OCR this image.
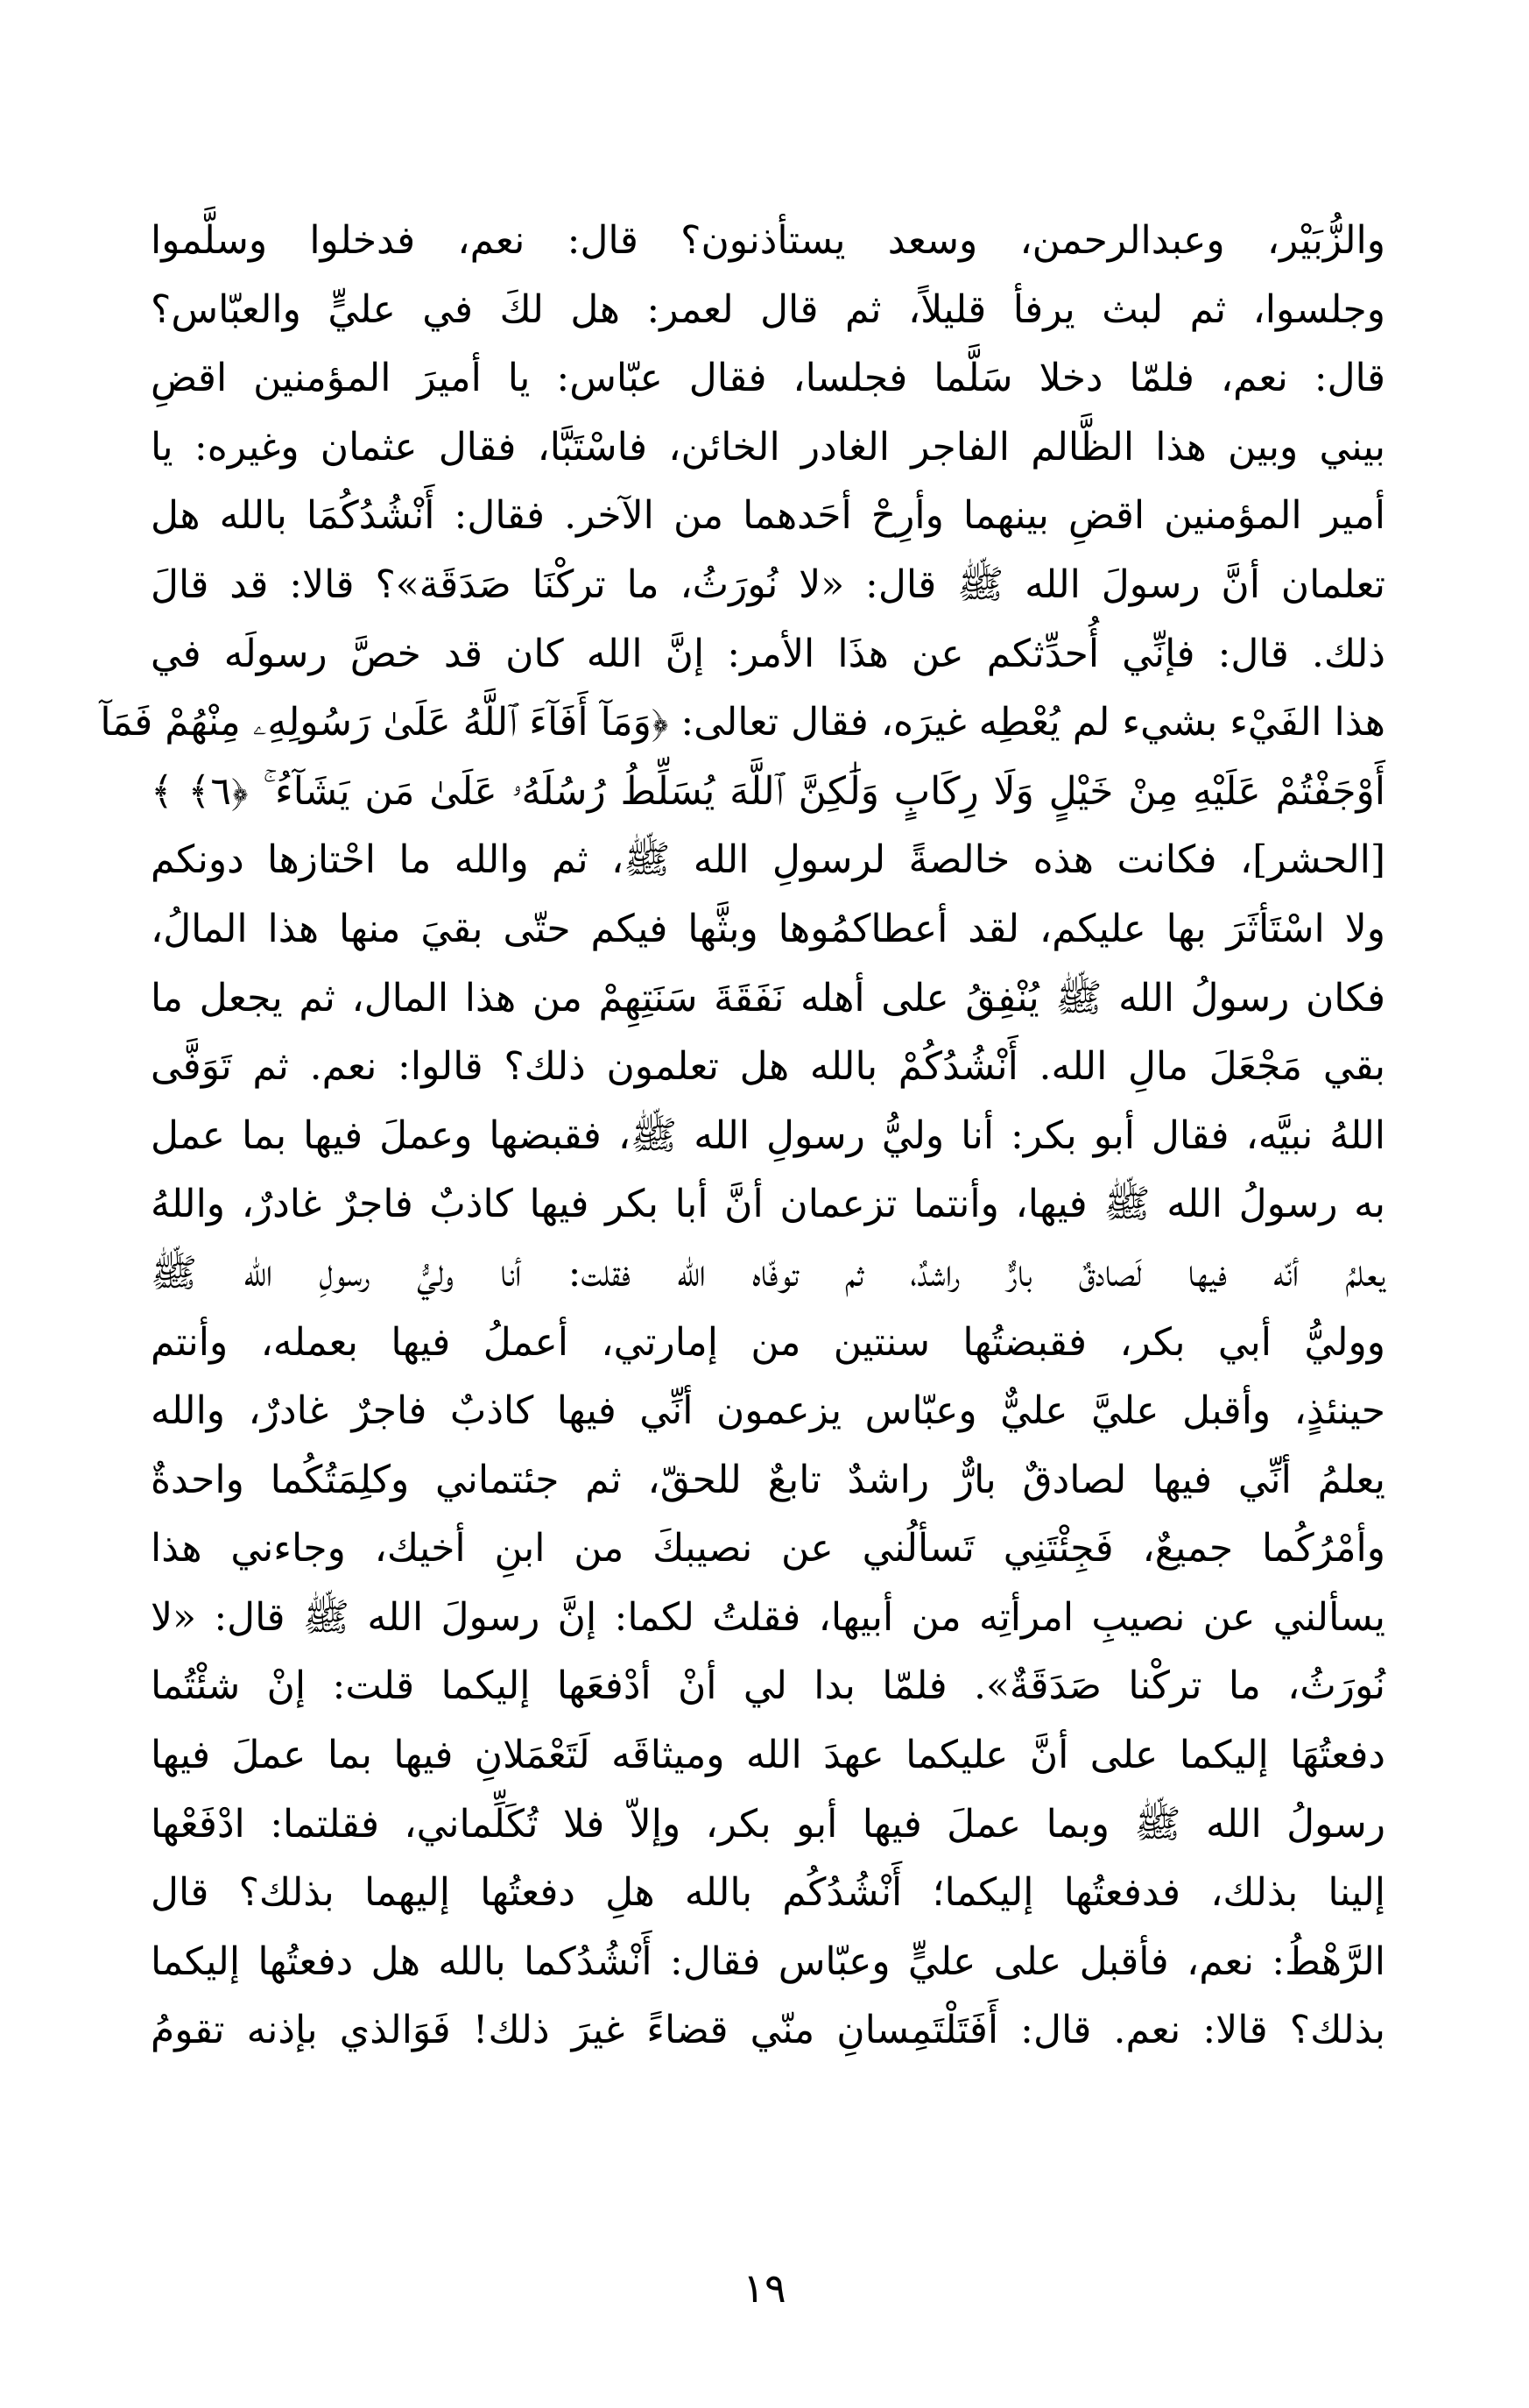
والزُّبَيْر، وعبدالرحمن، وسعد يستأذنون؟ قال: نعم، فدخلوا وسلَّموا
وجلسوا، ثم لبث يرفأ قليلاً، ثم قال لعمر: هل لكَ في عليٍّ والعبّاس؟
قال: نعم، فلمّا دخلا سَلَّما فجلسا، فقال عبّاس: يا أميرَ المؤمنين اقضِ
بيني وبين هذا الظَّالم الفاجر الغادر الخائن، فاسْتَبَّا، فقال عثمان وغيره: يا
أمير المؤمنين اقضِ بينهما وأرِحْ أحَدهما من الآخر. فقال: أَنْشُدُكُمَا بالله هل
تعلمان أنَّ رسولَ الله ﷺ قال: «لا نُورَثُ، ما تركْنَا صَدَقَة»؟ قالا: قد قالَ
ذلك. قال: فإنِّي أُحدِّثكم عن هذَا الأمر: إنَّ الله كان قد خصَّ رسولَه في
هذا الفَيْء بشيء لم يُعْطِه غيرَه، فقال تعالى: ﴿وَمَآ أَفَآءَ ٱللَّهُ عَلَىٰ رَسُولِهِۦ مِنْهُمْ فَمَآ
أَوْجَفْتُمْ عَلَيْهِ مِنْ خَيْلٍ وَلَا رِكَابٍ وَلَٰكِنَّ ٱللَّهَ يُسَلِّطُ رُسُلَهُۥ عَلَىٰ مَن يَشَآءُ ۚ ﴿٦﴾ ﴾
[الحشر]، فكانت هذه خالصةً لرسولِ الله ﷺ، ثم والله ما احْتازها دونكم
ولا اسْتَأثَرَ بها عليكم، لقد أعطاكمُوها وبثَّها فيكم حتّى بقيَ منها هذا المالُ،
فكان رسولُ الله ﷺ يُنْفِقُ على أهله نَفَقَةَ سَنَتِهِمْ من هذا المال، ثم يجعل ما
بقي مَجْعَلَ مالِ الله. أَنْشُدُكُمْ بالله هل تعلمون ذلك؟ قالوا: نعم. ثم تَوَفَّى
اللهُ نبيَّه، فقال أبو بكر: أنا وليُّ رسولِ الله ﷺ، فقبضها وعملَ فيها بما عمل
به رسولُ الله ﷺ فيها، وأنتما تزعمان أنَّ أبا بكر فيها كاذبٌ فاجرٌ غادرٌ، واللهُ
يعلمُ أنّه فيها لَصادقٌ بارٌّ راشدٌ، ثم توفّاه الله فقلت: أنا وليُّ رسولِ الله ﷺ
ووليُّ أبي بكر، فقبضتُها سنتين من إمارتي، أعملُ فيها بعمله، وأنتم
حينئذٍ، وأقبل عليَّ عليٌّ وعبّاس يزعمون أنِّي فيها كاذبٌ فاجرٌ غادرٌ، والله
يعلمُ أنِّي فيها لصادقٌ بارٌّ راشدٌ تابعٌ للحقّ، ثم جئتماني وكلِمَتُكُما واحدةٌ
وأمْرُكُما جميعٌ، فَجِئْتَنِي تَسألُني عن نصيبكَ من ابنِ أخيك، وجاءني هذا
يسألني عن نصيبِ امرأتِه من أبيها، فقلتُ لكما: إنَّ رسولَ الله ﷺ قال: «لا
نُورَثُ، ما تركْنا صَدَقَةٌ». فلمّا بدا لي أنْ أدْفعَها إليكما قلت: إنْ شئْتُما
دفعتُهَا إليكما على أنَّ عليكما عهدَ الله وميثاقَه لَتَعْمَلانِ فيها بما عملَ فيها
رسولُ الله ﷺ وبما عملَ فيها أبو بكر، وإلاّ فلا تُكَلِّماني، فقلتما: ادْفَعْها
إلينا بذلك، فدفعتُها إليكما؛ أَنْشُدُكُم بالله هلِ دفعتُها إليهما بذلك؟ قال
الرَّهْطُ: نعم، فأقبل على عليٍّ وعبّاس فقال: أَنْشُدُكما بالله هل دفعتُها إليكما
بذلك؟ قالا: نعم. قال: أَفَتَلْتَمِسانِ منّي قضاءً غيرَ ذلك! فَوَالذي بإذنه تقومُ
١٩
